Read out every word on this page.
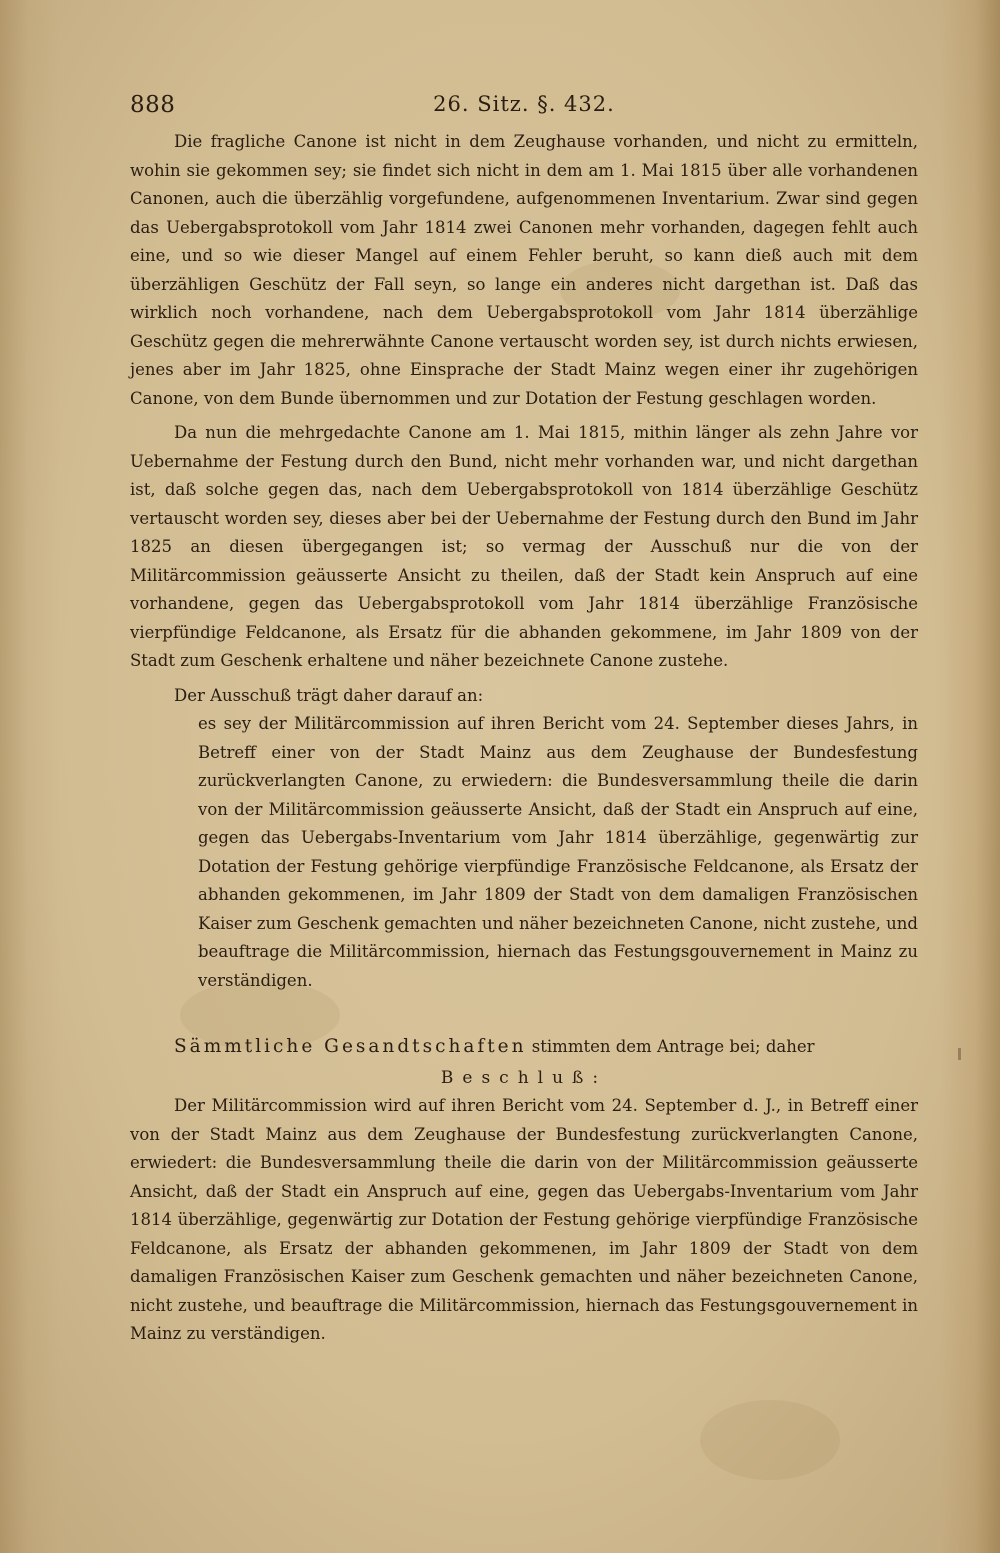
888	26. Sitz. §. 432.

Die fragliche Canone ist nicht in dem Zeughause vorhanden, und nicht zu ermitteln, wohin sie gekommen sey; sie findet sich nicht in dem am 1. Mai 1815 über alle vorhandenen Canonen, auch die überzählig vorgefundene, aufgenommenen Inventarium. Zwar sind gegen das Uebergabsprotokoll vom Jahr 1814 zwei Canonen mehr vorhanden, dagegen fehlt auch eine, und so wie dieser Mangel auf einem Fehler beruht, so kann dieß auch mit dem überzähligen Geschütz der Fall seyn, so lange ein anderes nicht dargethan ist. Daß das wirklich noch vorhandene, nach dem Uebergabsprotokoll vom Jahr 1814 überzählige Geschütz gegen die mehrerwähnte Canone vertauscht worden sey, ist durch nichts erwiesen, jenes aber im Jahr 1825, ohne Einsprache der Stadt Mainz wegen einer ihr zugehörigen Canone, von dem Bunde übernommen und zur Dotation der Festung geschlagen worden.

Da nun die mehrgedachte Canone am 1. Mai 1815, mithin länger als zehn Jahre vor Uebernahme der Festung durch den Bund, nicht mehr vorhanden war, und nicht dargethan ist, daß solche gegen das, nach dem Uebergabsprotokoll von 1814 überzählige Geschütz vertauscht worden sey, dieses aber bei der Uebernahme der Festung durch den Bund im Jahr 1825 an diesen übergegangen ist; so vermag der Ausschuß nur die von der Militärcommission geäusserte Ansicht zu theilen, daß der Stadt kein Anspruch auf eine vorhandene, gegen das Uebergabsprotokoll vom Jahr 1814 überzählige Französische vierpfündige Feldcanone, als Ersatz für die abhanden gekommene, im Jahr 1809 von der Stadt zum Geschenk erhaltene und näher bezeichnete Canone zustehe.

Der Ausschuß trägt daher darauf an:

es sey der Militärcommission auf ihren Bericht vom 24. September dieses Jahrs, in Betreff einer von der Stadt Mainz aus dem Zeughause der Bundesfestung zurückverlangten Canone, zu erwiedern: die Bundesversammlung theile die darin von der Militärcommission geäusserte Ansicht, daß der Stadt ein Anspruch auf eine, gegen das Uebergabs-Inventarium vom Jahr 1814 überzählige, gegenwärtig zur Dotation der Festung gehörige vierpfündige Französische Feldcanone, als Ersatz der abhanden gekommenen, im Jahr 1809 der Stadt von dem damaligen Französischen Kaiser zum Geschenk gemachten und näher bezeichneten Canone, nicht zustehe, und beauftrage die Militärcommission, hiernach das Festungsgouvernement in Mainz zu verständigen.

Sämmtliche Gesandtschaften stimmten dem Antrage bei; daher

Beschluß:

Der Militärcommission wird auf ihren Bericht vom 24. September d. J., in Betreff einer von der Stadt Mainz aus dem Zeughause der Bundesfestung zurückverlangten Canone, erwiedert: die Bundesversammlung theile die darin von der Militärcommission geäusserte Ansicht, daß der Stadt ein Anspruch auf eine, gegen das Uebergabs-Inventarium vom Jahr 1814 überzählige, gegenwärtig zur Dotation der Festung gehörige vierpfündige Französische Feldcanone, als Ersatz der abhanden gekommenen, im Jahr 1809 der Stadt von dem damaligen Französischen Kaiser zum Geschenk gemachten und näher bezeichneten Canone, nicht zustehe, und beauftrage die Militärcommission, hiernach das Festungsgouvernement in Mainz zu verständigen.
